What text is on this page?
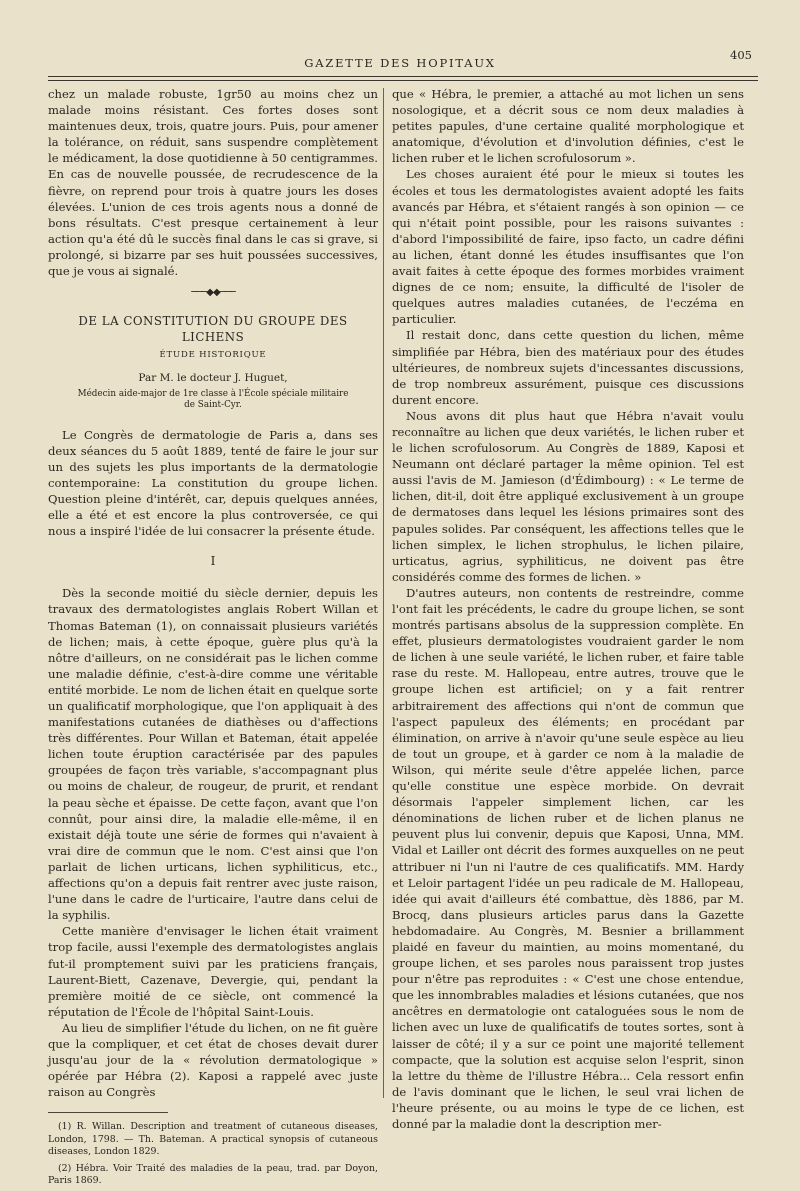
GAZETTE DES HOPITAUX
405

chez un malade robuste, 1gr50 au moins chez un malade moins résistant. Ces fortes doses sont maintenues deux, trois, quatre jours. Puis, pour amener la tolérance, on réduit, sans suspendre complètement le médicament, la dose quotidienne à 50 centigrammes. En cas de nouvelle poussée, de recrudescence de la fièvre, on reprend pour trois à quatre jours les doses élevées. L'union de ces trois agents nous a donné de bons résultats. C'est presque certainement à leur action qu'a été dû le succès final dans le cas si grave, si prolongé, si bizarre par ses huit poussées successives, que je vous ai signalé.

───◆◆───
DE LA CONSTITUTION DU GROUPE DES LICHENS
ÉTUDE HISTORIQUE
Par M. le docteur J. Huguet,
Médecin aide-major de 1re classe à l'École spéciale militaire
de Saint-Cyr.

Le Congrès de dermatologie de Paris a, dans ses deux séances du 5 août 1889, tenté de faire le jour sur un des sujets les plus importants de la dermatologie contemporaine: La constitution du groupe lichen. Question pleine d'intérêt, car, depuis quelques années, elle a été et est encore la plus controversée, ce qui nous a inspiré l'idée de lui consacrer la présente étude.

I

Dès la seconde moitié du siècle dernier, depuis les travaux des dermatologistes anglais Robert Willan et Thomas Bateman (1), on connaissait plusieurs variétés de lichen; mais, à cette époque, guère plus qu'à la nôtre d'ailleurs, on ne considérait pas le lichen comme une maladie définie, c'est-à-dire comme une véritable entité morbide. Le nom de lichen était en quelque sorte un qualificatif morphologique, que l'on appliquait à des manifestations cutanées de diathèses ou d'affections très différentes. Pour Willan et Bateman, était appelée lichen toute éruption caractérisée par des papules groupées de façon très variable, s'accompagnant plus ou moins de chaleur, de rougeur, de prurit, et rendant la peau sèche et épaisse. De cette façon, avant que l'on connût, pour ainsi dire, la maladie elle-même, il en existait déjà toute une série de formes qui n'avaient à vrai dire de commun que le nom. C'est ainsi que l'on parlait de lichen urticans, lichen syphiliticus, etc., affections qu'on a depuis fait rentrer avec juste raison, l'une dans le cadre de l'urticaire, l'autre dans celui de la syphilis.

Cette manière d'envisager le lichen était vraiment trop facile, aussi l'exemple des dermatologistes anglais fut-il promptement suivi par les praticiens français, Laurent-Biett, Cazenave, Devergie, qui, pendant la première moitié de ce siècle, ont commencé la réputation de l'École de l'hôpital Saint-Louis.

Au lieu de simplifier l'étude du lichen, on ne fit guère que la compliquer, et cet état de choses devait durer jusqu'au jour de la « révolution dermatologique » opérée par Hébra (2). Kaposi a rappelé avec juste raison au Congrès

(1) R. Willan. Description and treatment of cutaneous diseases, London, 1798. — Th. Bateman. A practical synopsis of cutaneous diseases, London 1829.
(2) Hébra. Voir Traité des maladies de la peau, trad. par Doyon, Paris 1869.

que « Hébra, le premier, a attaché au mot lichen un sens nosologique, et a décrit sous ce nom deux maladies à petites papules, d'une certaine qualité morphologique et anatomique, d'évolution et d'involution définies, c'est le lichen ruber et le lichen scrofulosorum ».

Les choses auraient été pour le mieux si toutes les écoles et tous les dermatologistes avaient adopté les faits avancés par Hébra, et s'étaient rangés à son opinion — ce qui n'était point possible, pour les raisons suivantes : d'abord l'impossibilité de faire, ipso facto, un cadre défini au lichen, étant donné les études insuffisantes que l'on avait faites à cette époque des formes morbides vraiment dignes de ce nom; ensuite, la difficulté de l'isoler de quelques autres maladies cutanées, de l'eczéma en particulier.

Il restait donc, dans cette question du lichen, même simplifiée par Hébra, bien des matériaux pour des études ultérieures, de nombreux sujets d'incessantes discussions, de trop nombreux assurément, puisque ces discussions durent encore.

Nous avons dit plus haut que Hébra n'avait voulu reconnaître au lichen que deux variétés, le lichen ruber et le lichen scrofulosorum. Au Congrès de 1889, Kaposi et Neumann ont déclaré partager la même opinion. Tel est aussi l'avis de M. Jamieson (d'Édimbourg) : « Le terme de lichen, dit-il, doit être appliqué exclusivement à un groupe de dermatoses dans lequel les lésions primaires sont des papules solides. Par conséquent, les affections telles que le lichen simplex, le lichen strophulus, le lichen pilaire, urticatus, agrius, syphiliticus, ne doivent pas être considérés comme des formes de lichen. »

D'autres auteurs, non contents de restreindre, comme l'ont fait les précédents, le cadre du groupe lichen, se sont montrés partisans absolus de la suppression complète. En effet, plusieurs dermatologistes voudraient garder le nom de lichen à une seule variété, le lichen ruber, et faire table rase du reste. M. Hallopeau, entre autres, trouve que le groupe lichen est artificiel; on y a fait rentrer arbitrairement des affections qui n'ont de commun que l'aspect papuleux des éléments; en procédant par élimination, on arrive à n'avoir qu'une seule espèce au lieu de tout un groupe, et à garder ce nom à la maladie de Wilson, qui mérite seule d'être appelée lichen, parce qu'elle constitue une espèce morbide. On devrait désormais l'appeler simplement lichen, car les dénominations de lichen ruber et de lichen planus ne peuvent plus lui convenir, depuis que Kaposi, Unna, MM. Vidal et Lailler ont décrit des formes auxquelles on ne peut attribuer ni l'un ni l'autre de ces qualificatifs. MM. Hardy et Leloir partagent l'idée un peu radicale de M. Hallopeau, idée qui avait d'ailleurs été combattue, dès 1886, par M. Brocq, dans plusieurs articles parus dans la Gazette hebdomadaire. Au Congrès, M. Besnier a brillamment plaidé en faveur du maintien, au moins momentané, du groupe lichen, et ses paroles nous paraissent trop justes pour n'être pas reproduites : « C'est une chose entendue, que les innombrables maladies et lésions cutanées, que nos ancêtres en dermatologie ont cataloguées sous le nom de lichen avec un luxe de qualificatifs de toutes sortes, sont à laisser de côté; il y a sur ce point une majorité tellement compacte, que la solution est acquise selon l'esprit, sinon la lettre du thème de l'illustre Hébra... Cela ressort enfin de l'avis dominant que le lichen, le seul vrai lichen de l'heure présente, ou au moins le type de ce lichen, est donné par la maladie dont la description mer-
